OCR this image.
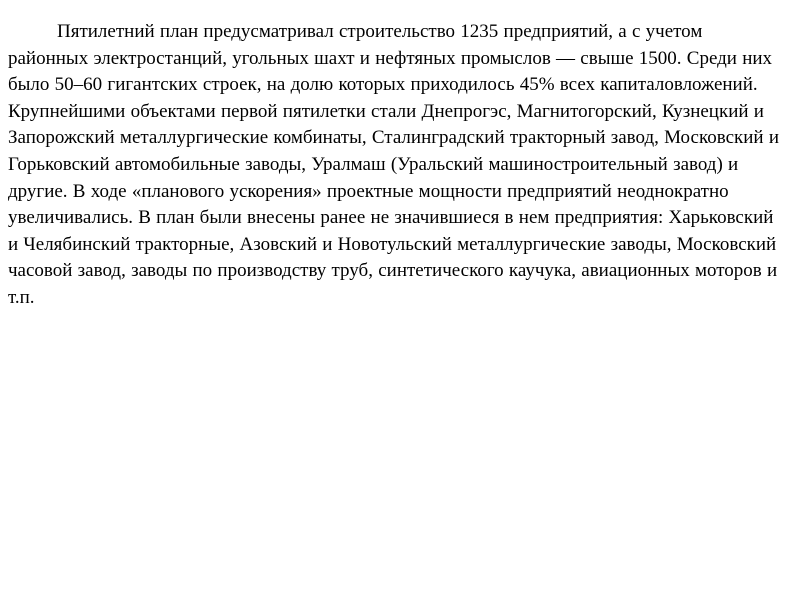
Пятилетний план предусматривал строительство 1235 предприятий, а с учетом районных электростанций, угольных шахт и нефтяных промыслов — свыше 1500. Среди них было 50–60 гигантских строек, на долю которых приходилось 45% всех капиталовложений. Крупнейшими объектами первой пятилетки стали Днепрогэс, Магнитогорский, Кузнецкий и Запорожский металлургические комбинаты, Сталинградский тракторный завод, Московский и Горьковский автомобильные заводы, Уралмаш (Уральский машиностроительный завод) и другие. В ходе «планового ускорения» проектные мощности предприятий неоднократно увеличивались. В план были внесены ранее не значившиеся в нем предприятия: Харьковский и Челябинский тракторные, Азовский и Новотульский металлургические заводы, Московский часовой завод, заводы по производству труб, синтетического каучука, авиационных моторов и т.п.
